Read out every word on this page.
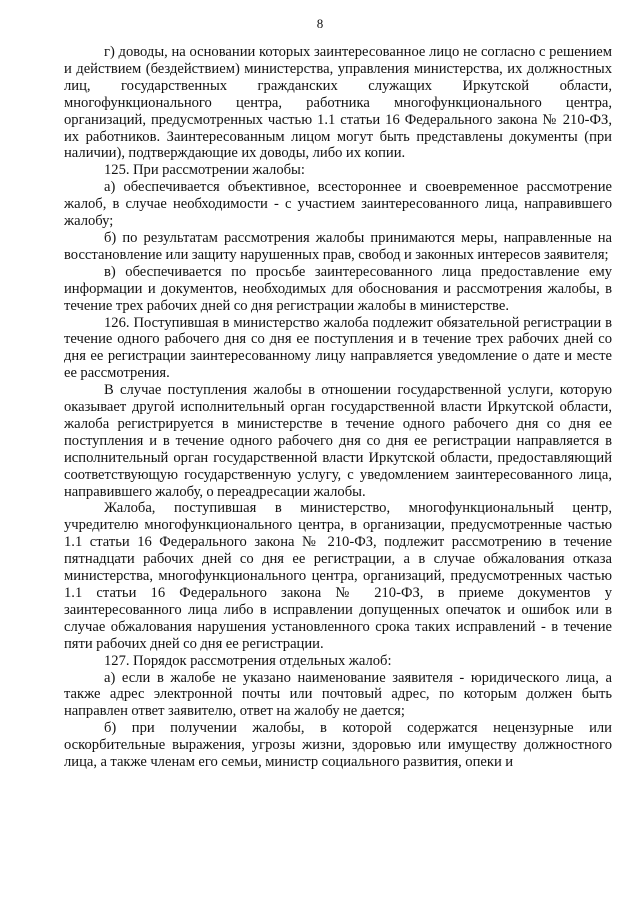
8

г) доводы, на основании которых заинтересованное лицо не согласно с решением и действием (бездействием) министерства, управления министерства, их должностных лиц, государственных гражданских служащих Иркутской области, многофункционального центра, работника многофункционального центра, организаций, предусмотренных частью 1.1 статьи 16 Федерального закона № 210-ФЗ, их работников. Заинтересованным лицом могут быть представлены документы (при наличии), подтверждающие их доводы, либо их копии.

125. При рассмотрении жалобы:

а) обеспечивается объективное, всестороннее и своевременное рассмотрение жалоб, в случае необходимости - с участием заинтересованного лица, направившего жалобу;

б) по результатам рассмотрения жалобы принимаются меры, направленные на восстановление или защиту нарушенных прав, свобод и законных интересов заявителя;

в) обеспечивается по просьбе заинтересованного лица предоставление ему информации и документов, необходимых для обоснования и рассмотрения жалобы, в течение трех рабочих дней со дня регистрации жалобы в министерстве.

126. Поступившая в министерство жалоба подлежит обязательной регистрации в течение одного рабочего дня со дня ее поступления и в течение трех рабочих дней со дня ее регистрации заинтересованному лицу направляется уведомление о дате и месте ее рассмотрения.

В случае поступления жалобы в отношении государственной услуги, которую оказывает другой исполнительный орган государственной власти Иркутской области, жалоба регистрируется в министерстве в течение одного рабочего дня со дня ее поступления и в течение одного рабочего дня со дня ее регистрации направляется в исполнительный орган государственной власти Иркутской области, предоставляющий соответствующую государственную услугу, с уведомлением заинтересованного лица, направившего жалобу, о переадресации жалобы.

Жалоба, поступившая в министерство, многофункциональный центр, учредителю многофункционального центра, в организации, предусмотренные частью 1.1 статьи 16 Федерального закона № 210-ФЗ, подлежит рассмотрению в течение пятнадцати рабочих дней со дня ее регистрации, а в случае обжалования отказа министерства, многофункционального центра, организаций, предусмотренных частью 1.1 статьи 16 Федерального закона № 210-ФЗ, в приеме документов у заинтересованного лица либо в исправлении допущенных опечаток и ошибок или в случае обжалования нарушения установленного срока таких исправлений - в течение пяти рабочих дней со дня ее регистрации.

127. Порядок рассмотрения отдельных жалоб:

а) если в жалобе не указано наименование заявителя - юридического лица, а также адрес электронной почты или почтовый адрес, по которым должен быть направлен ответ заявителю, ответ на жалобу не дается;

б) при получении жалобы, в которой содержатся нецензурные или оскорбительные выражения, угрозы жизни, здоровью или имуществу должностного лица, а также членам его семьи, министр социального развития, опеки и
